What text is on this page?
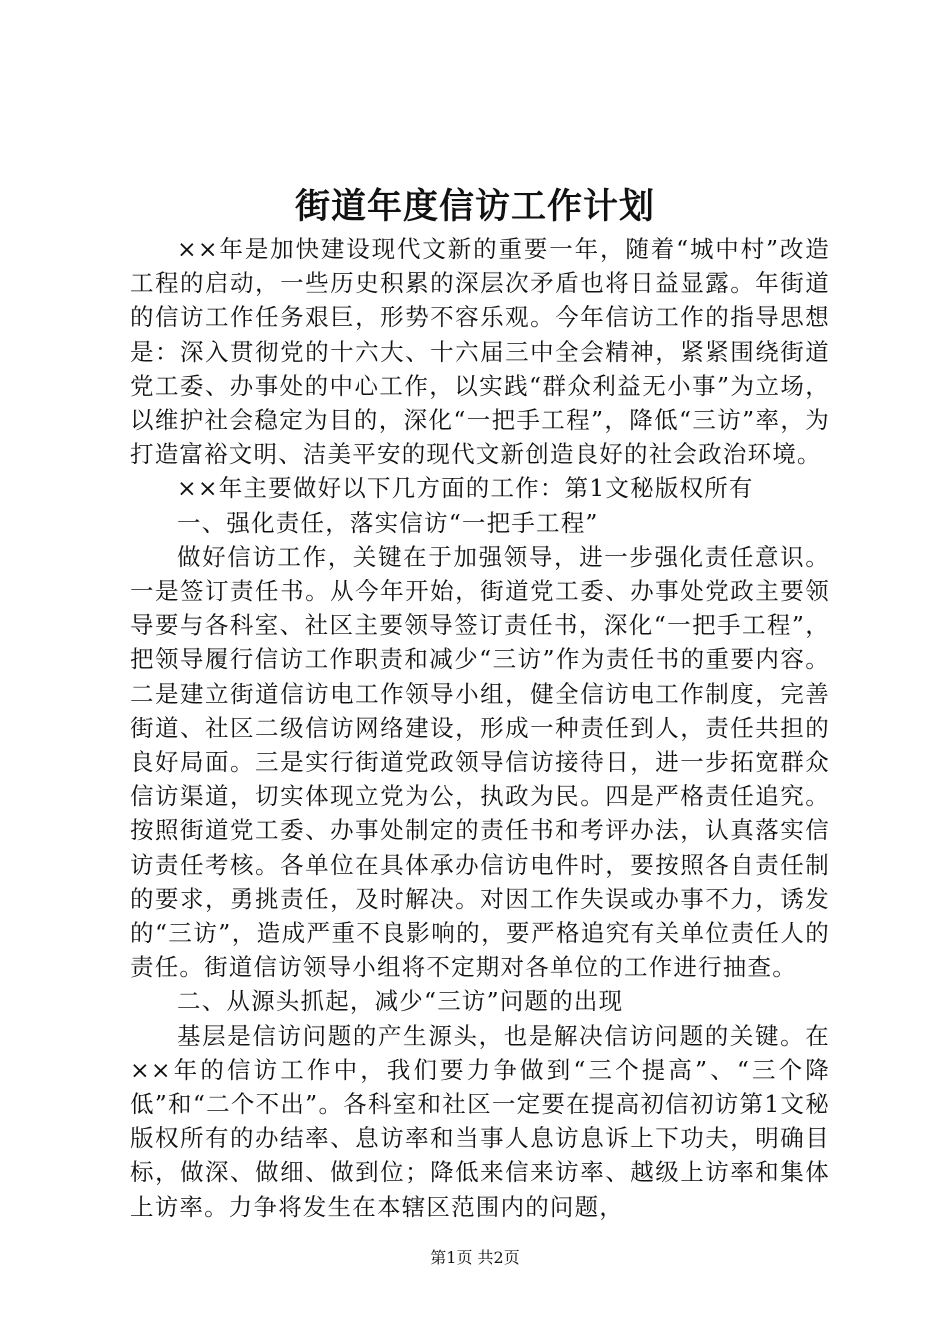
街道年度信访工作计划

××年是加快建设现代文新的重要一年，随着“城中村”改造工程的启动，一些历史积累的深层次矛盾也将日益显露。年街道的信访工作任务艰巨，形势不容乐观。今年信访工作的指导思想是：深入贯彻党的十六大、十六届三中全会精神，紧紧围绕街道党工委、办事处的中心工作，以实践“群众利益无小事”为立场，以维护社会稳定为目的，深化“一把手工程”，降低“三访”率，为打造富裕文明、洁美平安的现代文新创造良好的社会政治环境。

××年主要做好以下几方面的工作：第1文秘版权所有

一、强化责任，落实信访“一把手工程”

做好信访工作，关键在于加强领导，进一步强化责任意识。一是签订责任书。从今年开始，街道党工委、办事处党政主要领导要与各科室、社区主要领导签订责任书，深化“一把手工程”，把领导履行信访工作职责和减少“三访”作为责任书的重要内容。二是建立街道信访电工作领导小组，健全信访电工作制度，完善街道、社区二级信访网络建设，形成一种责任到人，责任共担的良好局面。三是实行街道党政领导信访接待日，进一步拓宽群众信访渠道，切实体现立党为公，执政为民。四是严格责任追究。按照街道党工委、办事处制定的责任书和考评办法，认真落实信访责任考核。各单位在具体承办信访电件时，要按照各自责任制的要求，勇挑责任，及时解决。对因工作失误或办事不力，诱发的“三访”，造成严重不良影响的，要严格追究有关单位责任人的责任。街道信访领导小组将不定期对各单位的工作进行抽查。

二、从源头抓起，减少“三访”问题的出现

基层是信访问题的产生源头，也是解决信访问题的关键。在××年的信访工作中，我们要力争做到“三个提高”、“三个降低”和“二个不出”。各科室和社区一定要在提高初信初访第1文秘版权所有的办结率、息访率和当事人息访息诉上下功夫，明确目标，做深、做细、做到位；降低来信来访率、越级上访率和集体上访率。力争将发生在本辖区范围内的问题，

第1页 共2页
